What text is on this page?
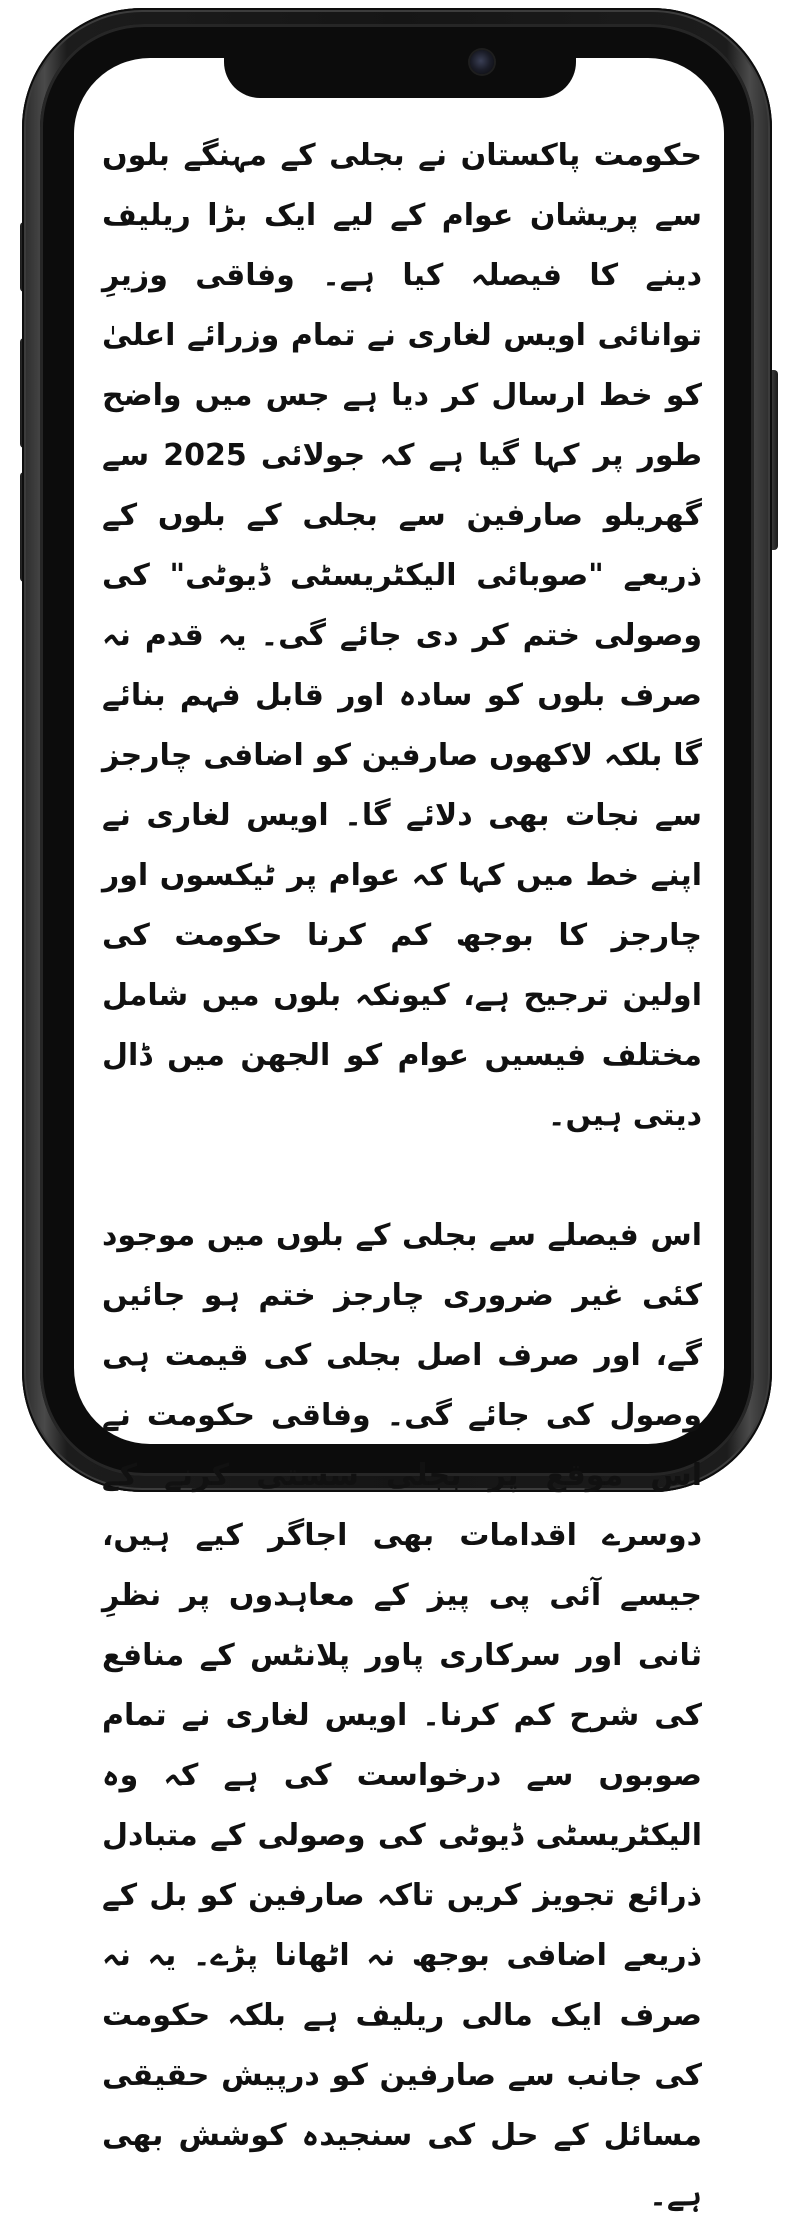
حکومت پاکستان نے بجلی کے مہنگے بلوں سے پریشان عوام کے لیے ایک بڑا ریلیف دینے کا فیصلہ کیا ہے۔ وفاقی وزیرِ توانائی اویس لغاری نے تمام وزرائے اعلیٰ کو خط ارسال کر دیا ہے جس میں واضح طور پر کہا گیا ہے کہ جولائی 2025 سے گھریلو صارفین سے بجلی کے بلوں کے ذریعے "صوبائی الیکٹریسٹی ڈیوٹی" کی وصولی ختم کر دی جائے گی۔ یہ قدم نہ صرف بلوں کو سادہ اور قابل فہم بنائے گا بلکہ لاکھوں صارفین کو اضافی چارجز سے نجات بھی دلائے گا۔ اویس لغاری نے اپنے خط میں کہا کہ عوام پر ٹیکسوں اور چارجز کا بوجھ کم کرنا حکومت کی اولین ترجیح ہے، کیونکہ بلوں میں شامل مختلف فیسیں عوام کو الجھن میں ڈال دیتی ہیں۔

اس فیصلے سے بجلی کے بلوں میں موجود کئی غیر ضروری چارجز ختم ہو جائیں گے، اور صرف اصل بجلی کی قیمت ہی وصول کی جائے گی۔ وفاقی حکومت نے اس موقع پر بجلی سستی کرنے کے دوسرے اقدامات بھی اجاگر کیے ہیں، جیسے آئی پی پیز کے معاہدوں پر نظرِ ثانی اور سرکاری پاور پلانٹس کے منافع کی شرح کم کرنا۔ اویس لغاری نے تمام صوبوں سے درخواست کی ہے کہ وہ الیکٹریسٹی ڈیوٹی کی وصولی کے متبادل ذرائع تجویز کریں تاکہ صارفین کو بل کے ذریعے اضافی بوجھ نہ اٹھانا پڑے۔ یہ نہ صرف ایک مالی ریلیف ہے بلکہ حکومت کی جانب سے صارفین کو درپیش حقیقی مسائل کے حل کی سنجیدہ کوشش بھی ہے۔
